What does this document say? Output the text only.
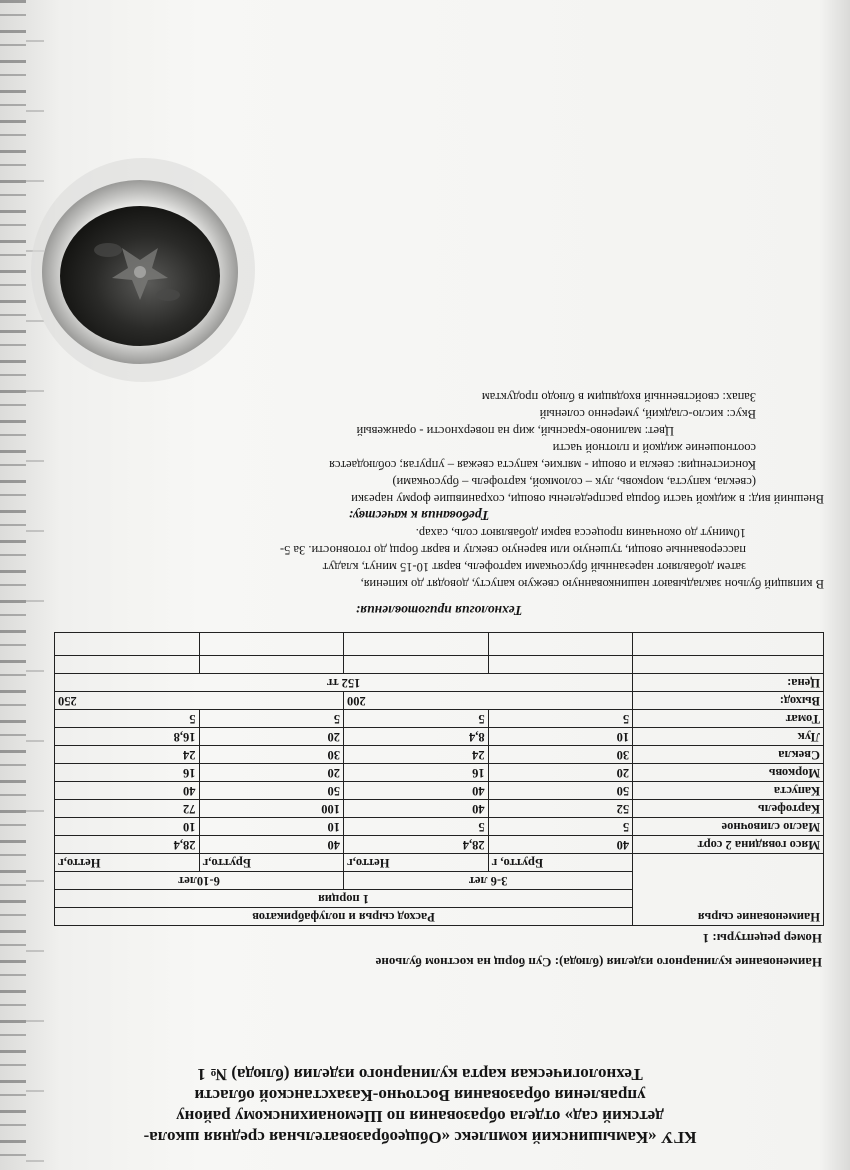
КГУ «Камышинский комплекс «Общеобразовательная средняя школа-
детский сад» отдела образования по Шемонаихинскому району
управления образования Восточно-Казахстанской области
Технологическая карта кулинарного изделия (блюда) № 1
Наименование кулинарного изделия (блюда): Суп борщ на костном бульоне
Номер рецептуры: 1
Наименование сырья	Расход сырья и полуфабрикатов			
	1 порция			
	3-6 лет		6-10лет	
	Брутто, г	Нетто,г	Брутто,г	Нетто,г
Мясо говядина 2 сорт	40	28,4	40	28,4
Масло сливочное	5	5	10	10
Картофель	52	40	100	72
Капуста	50	40	50	40
Морковь	20	16	20	16
Свекла	30	24	30	24
Лук	10	8,4	20	16,8
Томат	5	5	5	5
Выход:	200		250	
Цена:	152 тг			

Технология приготовления:
В кипящий бульон закладывают нашинкованную свежую капусту, доводят до кипения,
затем добавляют нарезанный брусочками картофель, варят 10-15 минут, кладут
пассерованные овощи, тушеную или вареную свеклу и варят борщ до готовности. За 5-
10минут до окончания процесса варки добавляют соль, сахар.
Требования к качеству:
Внешний вид: в жидкой части борща распределены овощи, сохранившие форму нарезки
(свекла, капуста, морковь, лук – соломкой, картофель – брусочками)
Консистенция: свекла и овощи - мягкие, капуста свежая – упругая; соблюдается
соотношение жидкой и плотной части
Цвет: малиново-красный, жир на поверхности - оранжевый
Вкус: кисло-сладкий, умеренно соленый
Запах: свойственный входящим в блюдо продуктам
